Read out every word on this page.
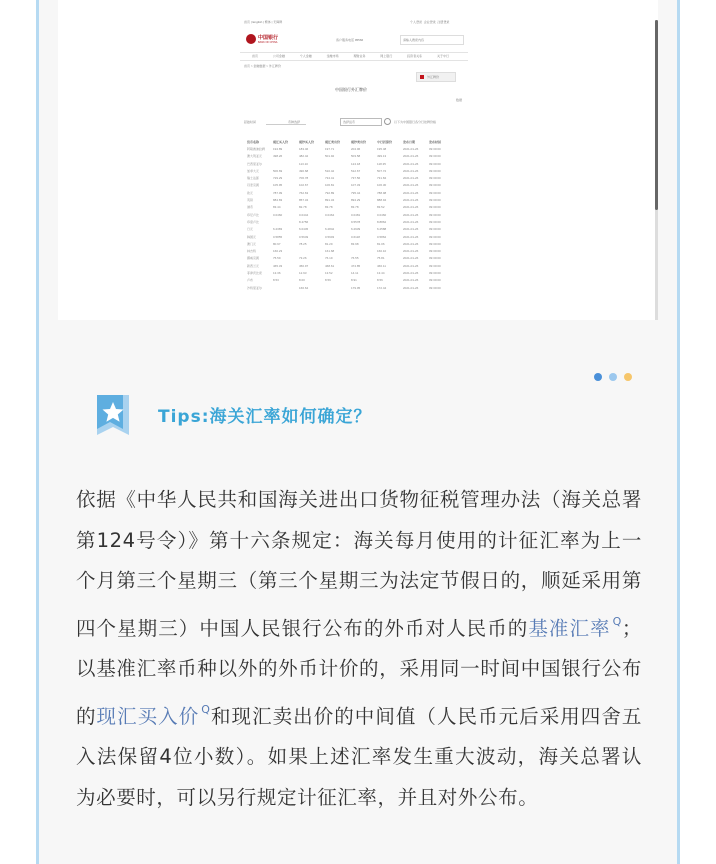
首页 | English | 繁体 | 无障碍	个人登录 企业登录 注册登录
中国银行
BANK OF CHINA
客户服务电话 95566	请输入搜索内容
首页	公司金融	个人金融	金融市场	理财业务	网上银行	投资者关系	关于中行
首页 > 金融数据 > 外汇牌价
外汇牌价
中国银行外汇牌价
数据
起始时间	币种选择	选择货币	以下为中国银行各分行挂牌价格
货币名称	现汇买入价	现钞买入价	现汇卖出价	现钞卖出价	中行折算价	发布日期	发布时间
阿联酋迪拉姆	194.89	183.46	197.71	204.06	195.48	2021-01-26	09:30:00
澳大利亚元	498.26	482.42	501.92	503.58	499.13	2021-01-26	09:30:00
巴西里亚尔		113.10		124.18	118.35	2021-01-26	09:30:00
加拿大元	506.69	490.68	510.42	512.67	507.72	2021-01-26	09:30:00
瑞士法郎	729.29	706.78	734.41	737.56	731.84	2021-01-26	09:30:00
丹麦克朗	105.95	102.67	106.81	107.33	106.30	2021-01-26	09:30:00
欧元	787.09	762.63	792.89	795.44	788.98	2021-01-26	09:30:00
英镑	884.83	857.34	891.34	894.29	888.94	2021-01-26	09:30:00
港币	83.44	82.78	83.78	83.78	83.52	2021-01-26	09:30:00
印尼卢比	0.0460	0.0444	0.0464	0.0481	0.0460	2021-01-26	09:30:00
印度卢比		8.4756		9.5578	8.8862	2021-01-26	09:30:00
日元	6.2383	6.0445	6.2842	6.2939	6.2588	2021-01-26	09:30:00
韩国元	0.5855	0.5649	0.5903	0.6118	0.5862	2021-01-26	09:30:00
澳门元	80.97	78.25	81.29	83.98	81.06	2021-01-26	09:30:00
林吉特	160.23		161.68		160.10	2021-01-26	09:30:00
挪威克朗	75.59	73.26	76.19	76.55	75.81	2021-01-26	09:30:00
新西兰元	465.33	450.97	468.61	474.85	466.11	2021-01-26	09:30:00
菲律宾比索	13.36	12.93	13.52	14.11	13.44	2021-01-26	09:30:00
卢布	8.53	8.00	8.59	8.91	8.56	2021-01-26	09:30:00
沙特里亚尔		166.64		179.05	172.44	2021-01-26	09:30:00
Tips:海关汇率如何确定？
依据《中华人民共和国海关进出口货物征税管理办法（海关总署第124号令）》第十六条规定：海关每月使用的计征汇率为上一个月第三个星期三（第三个星期三为法定节假日的，顺延采用第四个星期三）中国人民银行公布的外币对人民币的基准汇率 $^Q$；以基准汇率币种以外的外币计价的，采用同一时间中国银行公布的现汇买入价 $^Q$和现汇卖出价的中间值（人民币元后采用四舍五入法保留4位小数）。如果上述汇率发生重大波动，海关总署认为必要时，可以另行规定计征汇率，并且对外公布。
